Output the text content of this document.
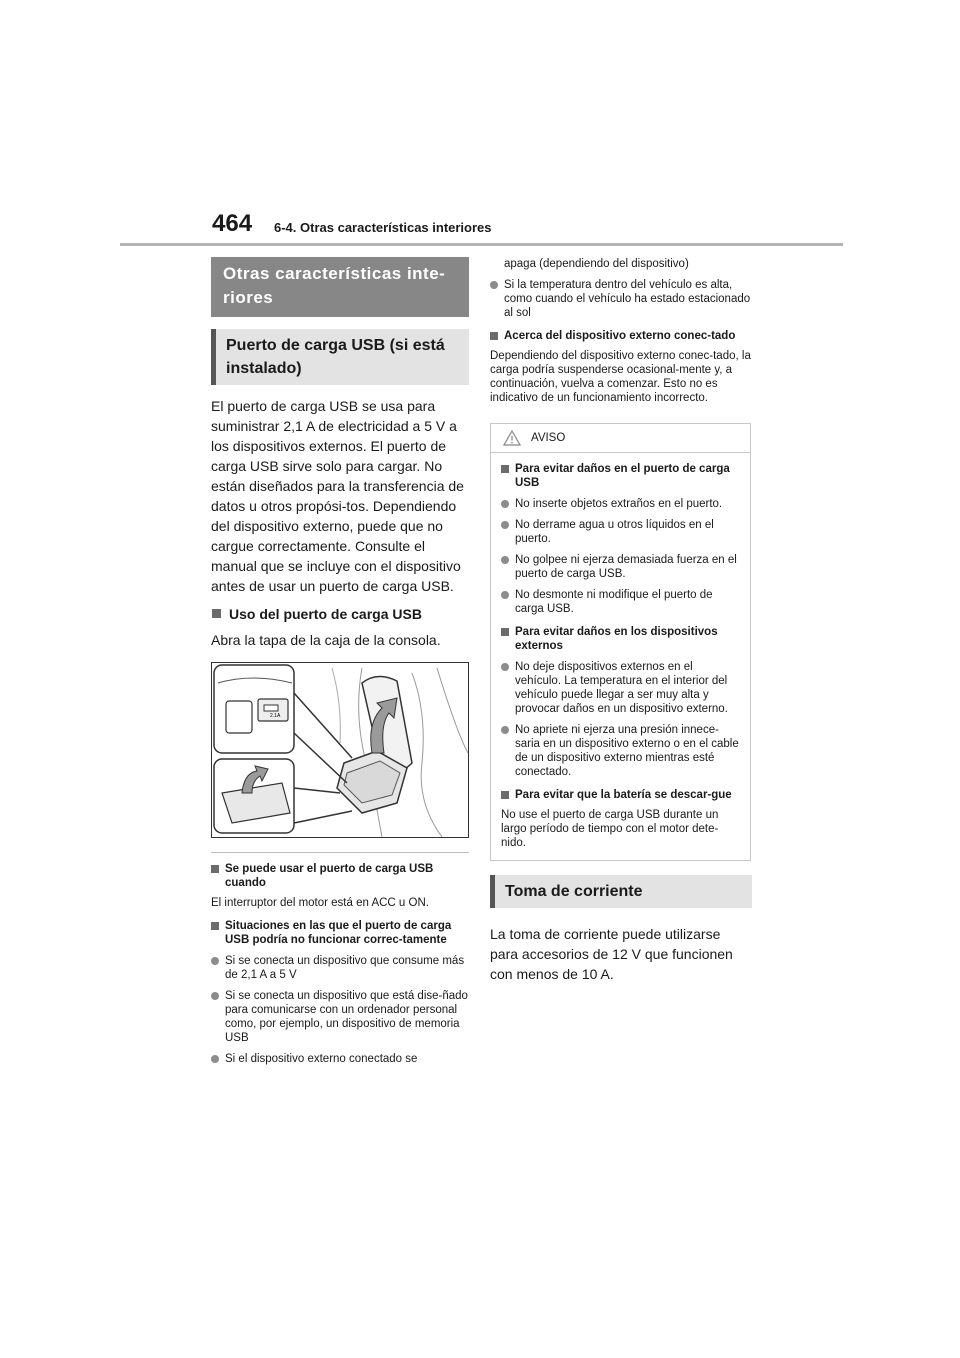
464 6-4. Otras características interiores
Otras características inte-riores
Puerto de carga USB (si está instalado)

El puerto de carga USB se usa para suministrar 2,1 A de electricidad a 5 V a los dispositivos externos. El puerto de carga USB sirve solo para cargar. No están diseñados para la transferencia de datos u otros propósi-tos. Dependiendo del dispositivo externo, puede que no cargue correctamente. Consulte el manual que se incluye con el dispositivo antes de usar un puerto de carga USB.

Uso del puerto de carga USB

Abra la tapa de la caja de la consola.

2.1A
Se puede usar el puerto de carga USB cuando
El interruptor del motor está en ACC u ON.
Situaciones en las que el puerto de carga USB podría no funcionar correc-tamente
Si se conecta un dispositivo que consume más de 2,1 A a 5 V
Si se conecta un dispositivo que está dise-ñado para comunicarse con un ordenador personal como, por ejemplo, un dispositivo de memoria USB
Si el dispositivo externo conectado se
apaga (dependiendo del dispositivo)
Si la temperatura dentro del vehículo es alta, como cuando el vehículo ha estado estacionado al sol
Acerca del dispositivo externo conec-tado
Dependiendo del dispositivo externo conec-tado, la carga podría suspenderse ocasional-mente y, a continuación, vuelva a comenzar. Esto no es indicativo de un funcionamiento incorrecto.
AVISO
Para evitar daños en el puerto de carga USB
No inserte objetos extraños en el puerto.
No derrame agua u otros líquidos en el puerto.
No golpee ni ejerza demasiada fuerza en el puerto de carga USB.
No desmonte ni modifique el puerto de carga USB.
Para evitar daños en los dispositivos externos
No deje dispositivos externos en el vehículo. La temperatura en el interior del vehículo puede llegar a ser muy alta y provocar daños en un dispositivo externo.
No apriete ni ejerza una presión innece-saria en un dispositivo externo o en el cable de un dispositivo externo mientras esté conectado.
Para evitar que la batería se descar-gue
No use el puerto de carga USB durante un largo período de tiempo con el motor dete-nido.
Toma de corriente

La toma de corriente puede utilizarse para accesorios de 12 V que funcionen con menos de 10 A.
